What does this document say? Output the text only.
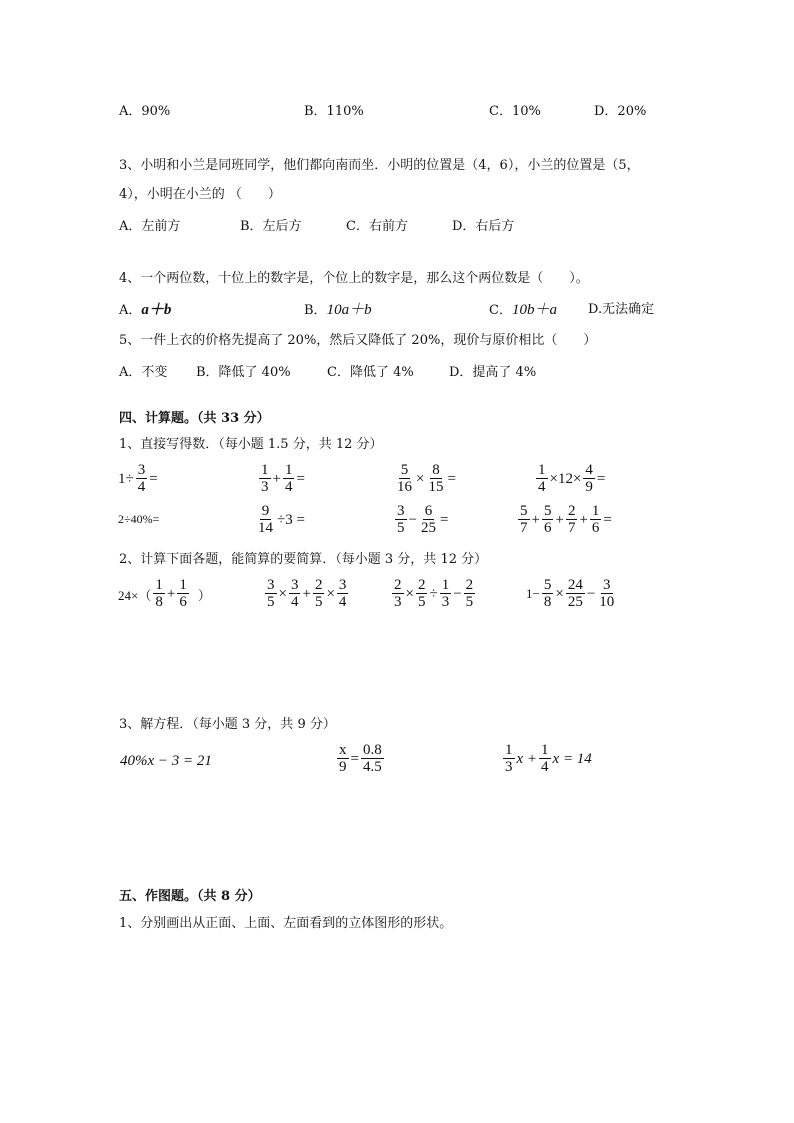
A．90%	B．110%	C．10%	D．20%
3、小明和小兰是同班同学，他们都向南而坐．小明的位置是（4，6），小兰的位置是（5，
4），小明在小兰的 （　　）
A．左前方	B．左后方	C．右前方	D．右后方
4、一个两位数，十位上的数字是，个位上的数字是，那么这个两位数是（　　）。
A．a＋b	B．10a＋b	C．10b＋a D.无法确定
5、一件上衣的价格先提高了 20%，然后又降低了 20%，现价与原价相比（　　）
A．不变 B．降低了 40%	C．降低了 4%	D．提高了 4%
四、计算题。（共 33 分）
1、直接写得数．（每小题 1.5 分，共 12 分）
$1\div \frac{3}{4}$ =	$\frac{1}{3} + \frac{1}{4}$ =	$\frac{5}{16} \times \frac{8}{15}$ =	$\frac{1}{4} \times 12\times \frac{4}{9}$ =
2÷40%=	$\frac{9}{14} \div 3$ =	$\frac{3}{5} - \frac{6}{25}$ =	$\frac{5}{7} + \frac{5}{6} + \frac{2}{7} + \frac{1}{6}$ =
2、计算下面各题，能简算的要简算．（每小题 3 分，共 12 分）
$24\times( \frac{1}{8} + \frac{1}{6}$ ）	$\frac{3}{5} \times \frac{3}{4} + \frac{2}{5} \times \frac{3}{4}$	$\frac{2}{3} \times \frac{2}{5} \div \frac{1}{3} - \frac{2}{5}$	$1- \frac{5}{8} \times \frac{24}{25} - \frac{3}{10}$
3、解方程．（每小题 3 分，共 9 分）
40%x − 3 = 21	$\frac{x}{9} = \frac{0.8}{4.5}$	$\frac{1}{3}$ $x + \frac{1}{4}$ x = 14
五、作图题。（共 8 分）
1、分别画出从正面、上面、左面看到的立体图形的形状。
